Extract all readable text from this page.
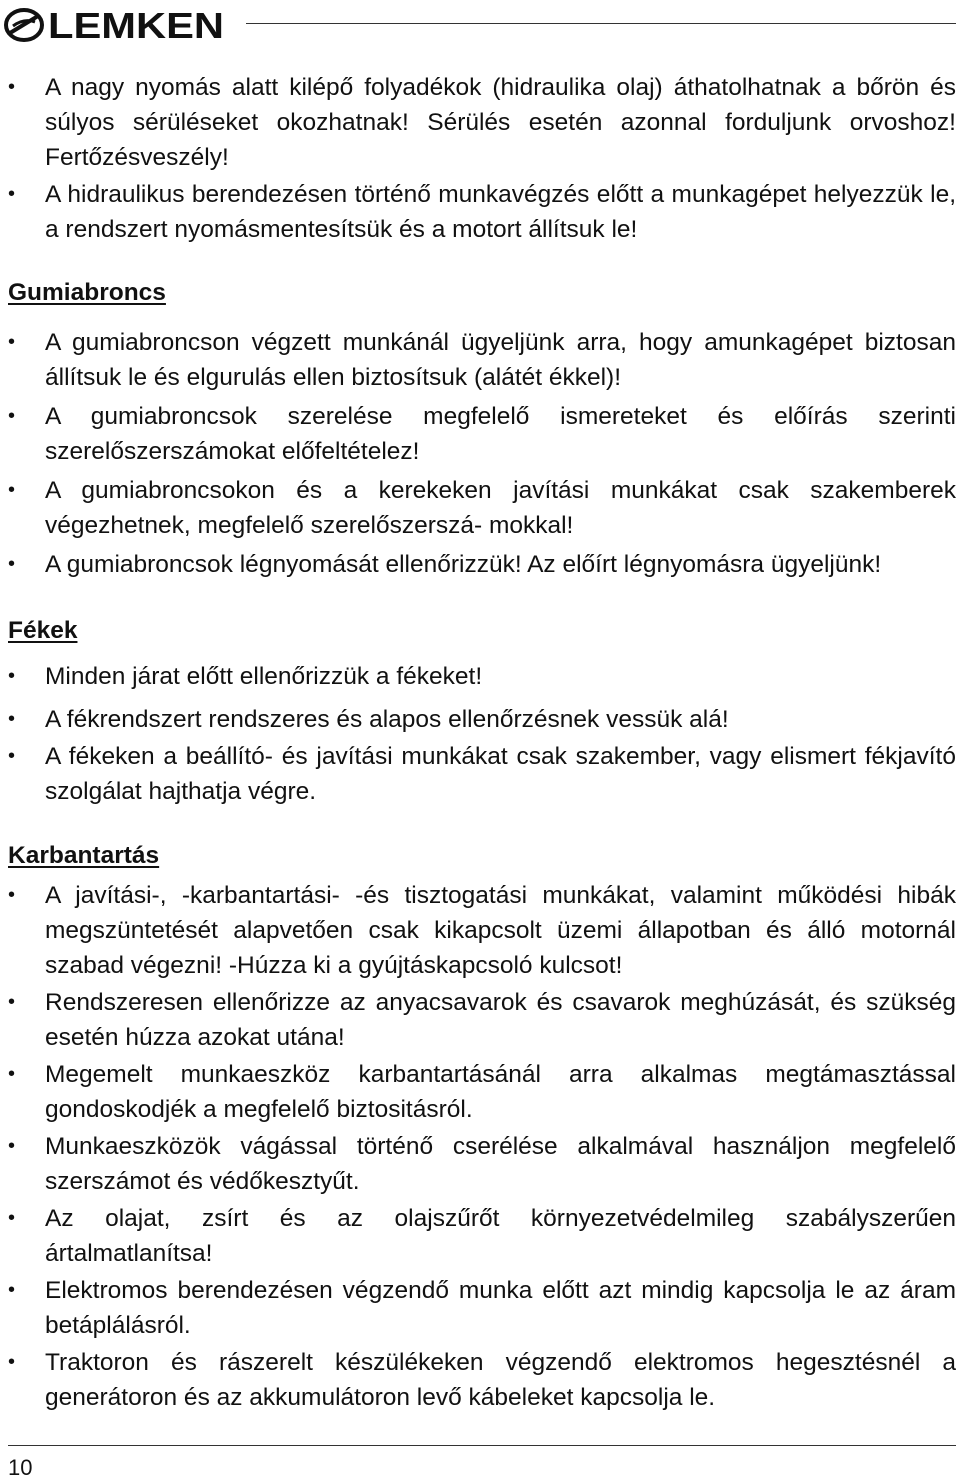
LEMKEN
•	A nagy nyomás alatt kilépő folyadékok (hidraulika olaj) áthatolhatnak a bőrön és súlyos sérüléseket okozhatnak! Sérülés esetén azonnal forduljunk orvoshoz! Fertőzésveszély!
•	A hidraulikus berendezésen történő munkavégzés előtt a munkagépet helyezzük le, a rendszert nyomásmentesítsük és a motort állítsuk le!
Gumiabroncs
•	A gumiabroncson végzett munkánál ügyeljünk arra, hogy amunkagépet biztosan állítsuk le és elgurulás ellen biztosítsuk (alátét ékkel)!
•	A gumiabroncsok szerelése megfelelő ismereteket és előírás szerinti szerelőszerszámokat előfeltételez!
•	A gumiabroncsokon és a kerekeken javítási munkákat csak szakemberek végezhetnek, megfelelő szerelőszerszá- mokkal!
•	A gumiabroncsok légnyomását ellenőrizzük! Az előírt légnyomásra ügyeljünk!
Fékek
•	Minden járat előtt ellenőrizzük a fékeket!
•	A fékrendszert rendszeres és alapos ellenőrzésnek vessük alá!
•	A fékeken a beállító- és javítási munkákat csak szakember, vagy elismert fékjavító szolgálat hajthatja végre.
Karbantartás
•	A javítási-, -karbantartási- -és tisztogatási munkákat, valamint működési hibák megszüntetését alapvetően csak kikapcsolt üzemi állapotban és álló motornál szabad végezni! -Húzza ki a gyújtáskapcsoló kulcsot!
•	Rendszeresen ellenőrizze az anyacsavarok és csavarok meghúzását, és szükség esetén húzza azokat utána!
•	Megemelt munkaeszköz karbantartásánál arra alkalmas megtámasztással gondoskodjék a megfelelő biztositásról.
•	Munkaeszközök vágással történő cserélése alkalmával használjon megfelelő szerszámot és védőkesztyűt.
•	Az olajat, zsírt és az olajszűrőt környezetvédelmileg szabályszerűen ártalmatlanítsa!
•	Elektromos berendezésen végzendő munka előtt azt mindig kapcsolja le az áram betáplálásról.
•	Traktoron és rászerelt készülékeken végzendő elektromos hegesztésnél a generátoron és az akkumulátoron levő kábeleket kapcsolja le.
10
